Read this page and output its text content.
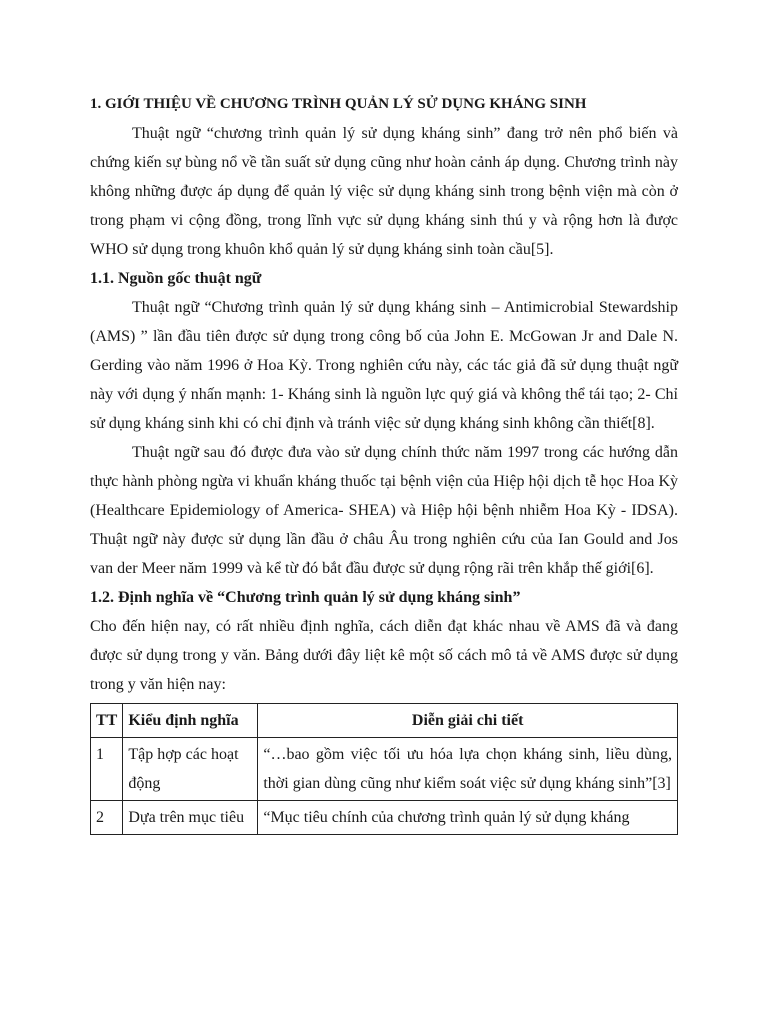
1. GIỚI THIỆU VỀ CHƯƠNG TRÌNH QUẢN LÝ SỬ DỤNG KHÁNG SINH

Thuật ngữ “chương trình quản lý sử dụng kháng sinh” đang trở nên phổ biến và chứng kiến sự bùng nổ về tần suất sử dụng cũng như hoàn cảnh áp dụng. Chương trình này không những được áp dụng để quản lý việc sử dụng kháng sinh trong bệnh viện mà còn ở trong phạm vi cộng đồng, trong lĩnh vực sử dụng kháng sinh thú y và rộng hơn là được WHO sử dụng trong khuôn khổ quản lý sử dụng kháng sinh toàn cầu[5].

1.1. Nguồn gốc thuật ngữ

Thuật ngữ “Chương trình quản lý sử dụng kháng sinh – Antimicrobial Stewardship (AMS) ” lần đầu tiên được sử dụng trong công bố của John E. McGowan Jr and Dale N. Gerding vào năm 1996 ở Hoa Kỳ. Trong nghiên cứu này, các tác giả đã sử dụng thuật ngữ này với dụng ý nhấn mạnh: 1- Kháng sinh là nguồn lực quý giá và không thể tái tạo; 2- Chỉ sử dụng kháng sinh khi có chỉ định và tránh việc sử dụng kháng sinh không cần thiết[8].

Thuật ngữ sau đó được đưa vào sử dụng chính thức năm 1997 trong các hướng dẫn thực hành phòng ngừa vi khuẩn kháng thuốc tại bệnh viện của Hiệp hội dịch tễ học Hoa Kỳ (Healthcare Epidemiology of America- SHEA) và Hiệp hội bệnh nhiễm Hoa Kỳ - IDSA). Thuật ngữ này được sử dụng lần đầu ở châu Âu trong nghiên cứu của Ian Gould and Jos van der Meer năm 1999 và kể từ đó bắt đầu được sử dụng rộng rãi trên khắp thế giới[6].

1.2. Định nghĩa về “Chương trình quản lý sử dụng kháng sinh”

Cho đến hiện nay, có rất nhiều định nghĩa, cách diễn đạt khác nhau về AMS đã và đang được sử dụng trong y văn. Bảng dưới đây liệt kê một số cách mô tả về AMS được sử dụng trong y văn hiện nay:

TT	Kiểu định nghĩa	Diễn giải chi tiết
1	Tập hợp các hoạt động	“…bao gồm việc tối ưu hóa lựa chọn kháng sinh, liều dùng, thời gian dùng cũng như kiểm soát việc sử dụng kháng sinh”[3]
2	Dựa trên mục tiêu	“Mục tiêu chính của chương trình quản lý sử dụng kháng
